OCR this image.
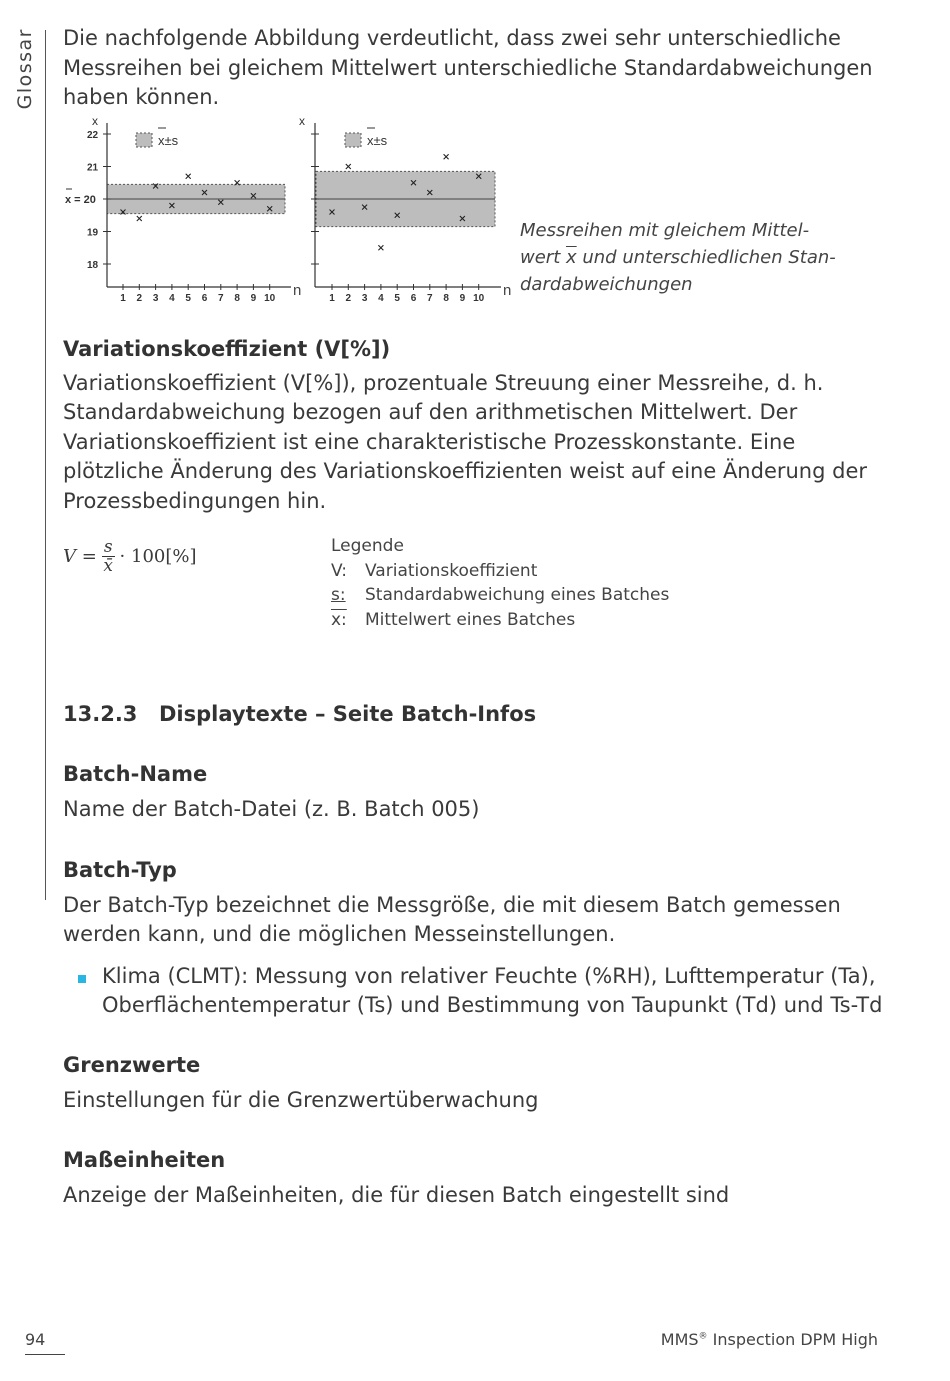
Glossar Die nachfolgende Abbildung verdeutlicht, dass zwei sehr unterschiedliche Messreihen bei gleichem Mittelwert unterschiedliche Standardabweichungen haben können.

x
n
x±s
22
21
19
18
x = 20
1 2 3 4 5 6 7 8 9 10
x
n
x±s
1 2 3 4 5 6 7 8 9 10
Messreihen mit gleichem Mittel-
wert $\overline{x}$ und unterschiedlichen Stan-
dardabweichungen

Variationskoeffizient (V[%])

Variationskoeffizient (V[%]), prozentuale Streuung einer Messreihe, d. h. Standardabweichung bezogen auf den arithmetischen Mittelwert. Der Variationskoeffizient ist eine charakteristische Prozesskonstante. Eine plötzliche Änderung des Variationskoeffizienten weist auf eine Änderung der Prozessbedingungen hin.

$V = \frac{s}{x̄} \cdot 100[\%]$	Legende
V:	Variationskoeffizient
s:	Standardabweichung eines Batches
x:	Mittelwert eines Batches

13.2.3 Displaytexte – Seite Batch-Infos

Batch-Name

Name der Batch-Datei (z. B. Batch 005)

Batch-Typ

Der Batch-Typ bezeichnet die Messgröße, die mit diesem Batch gemessen werden kann, und die möglichen Messeinstellungen.

Klima (CLMT): Messung von relativer Feuchte (%RH), Lufttemperatur (Ta), Oberflächentemperatur (Ts) und Bestimmung von Taupunkt (Td) und Ts-Td

Grenzwerte

Einstellungen für die Grenzwertüberwachung

Maßeinheiten

Anzeige der Maßeinheiten, die für diesen Batch eingestellt sind

94	MMS® Inspection DPM High
